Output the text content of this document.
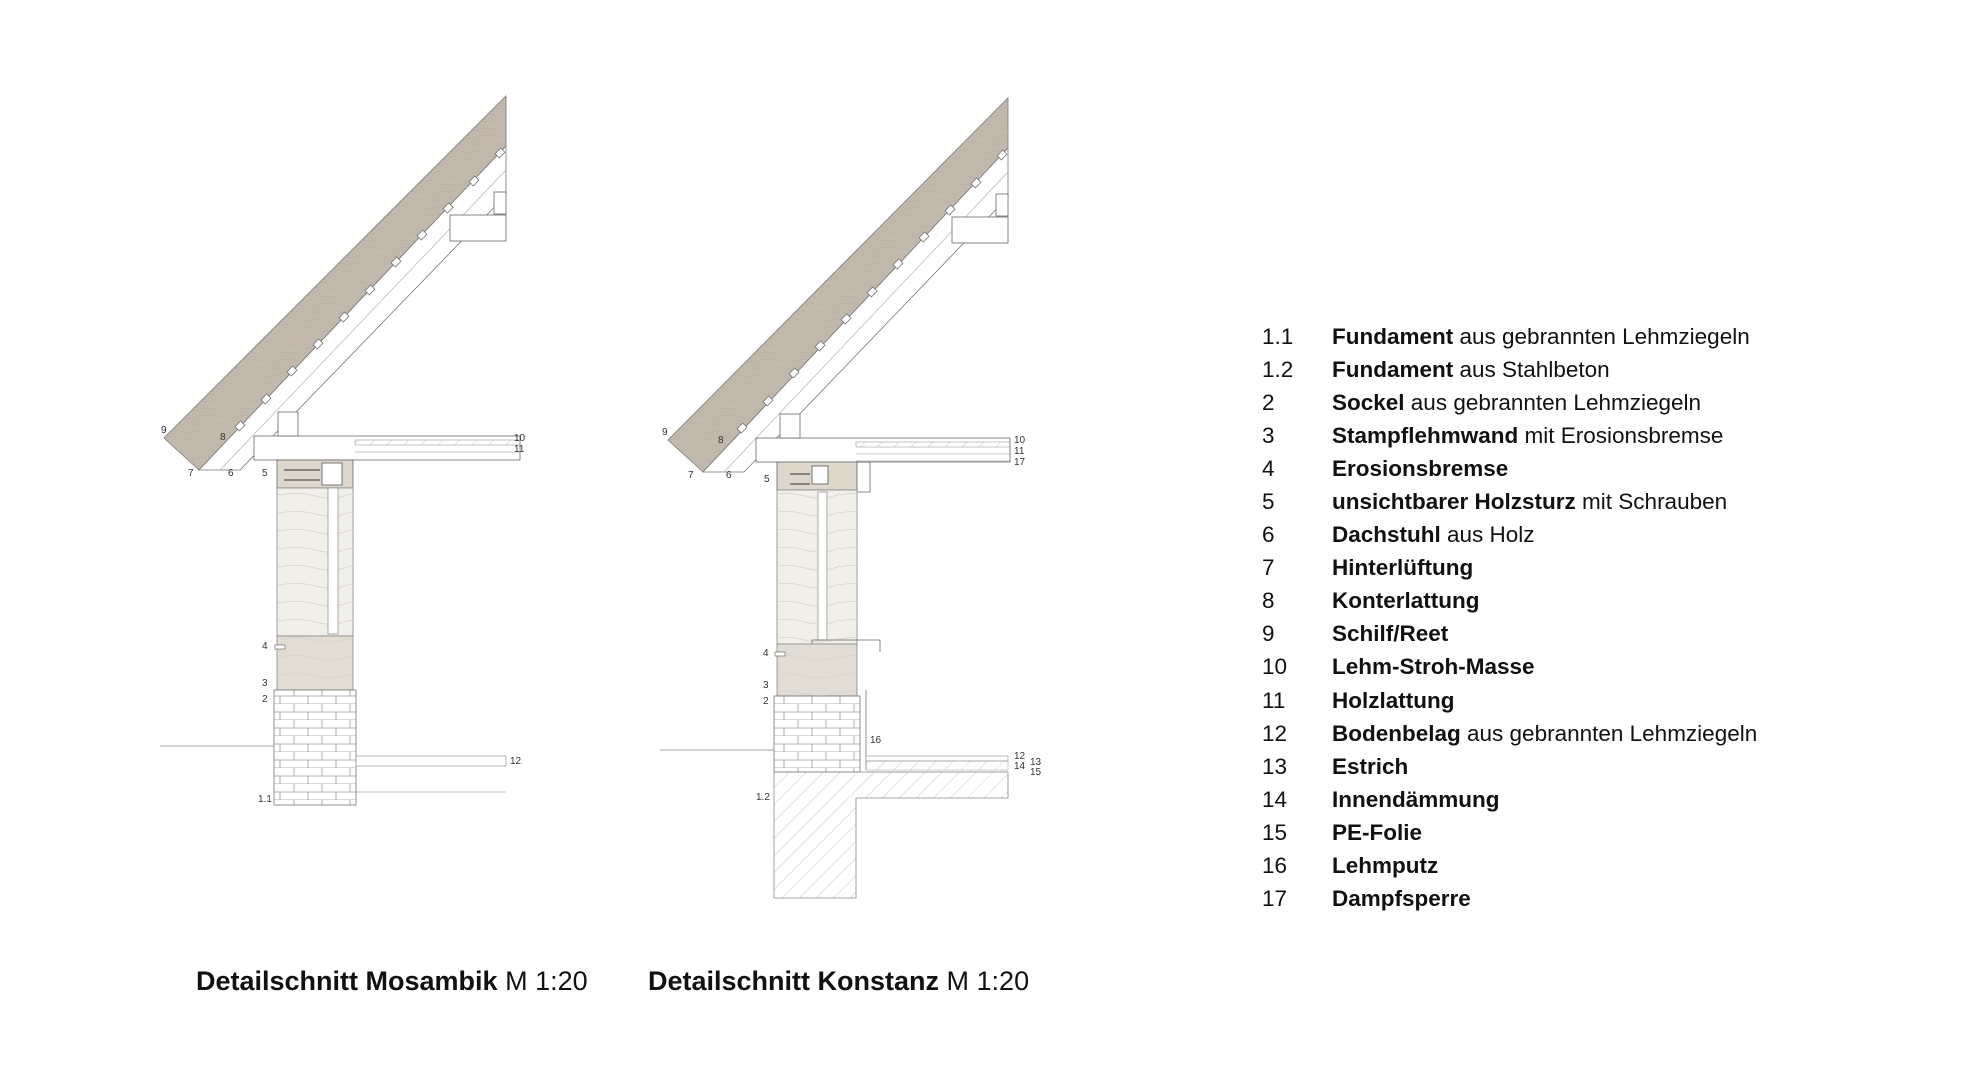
9
8
7	6	5
10
11
4
3
2
12
1.1
9
8
7	6	5
10
11
17
4
3
2
16
12
13
14
15
1.2
Detailschnitt Mosambik M 1:20 Detailschnitt Konstanz M 1:20
1.1	Fundament aus gebrannten Lehmziegeln
1.2	Fundament aus Stahlbeton
2	Sockel aus gebrannten Lehmziegeln
3	Stampflehmwand mit Erosionsbremse
4	Erosionsbremse
5	unsichtbarer Holzsturz mit Schrauben
6	Dachstuhl aus Holz
7	Hinterlüftung
8	Konterlattung
9	Schilf/Reet
10	Lehm-Stroh-Masse
11	Holzlattung
12	Bodenbelag aus gebrannten Lehmziegeln
13	Estrich
14	Innendämmung
15	PE-Folie
16	Lehmputz
17	Dampfsperre
